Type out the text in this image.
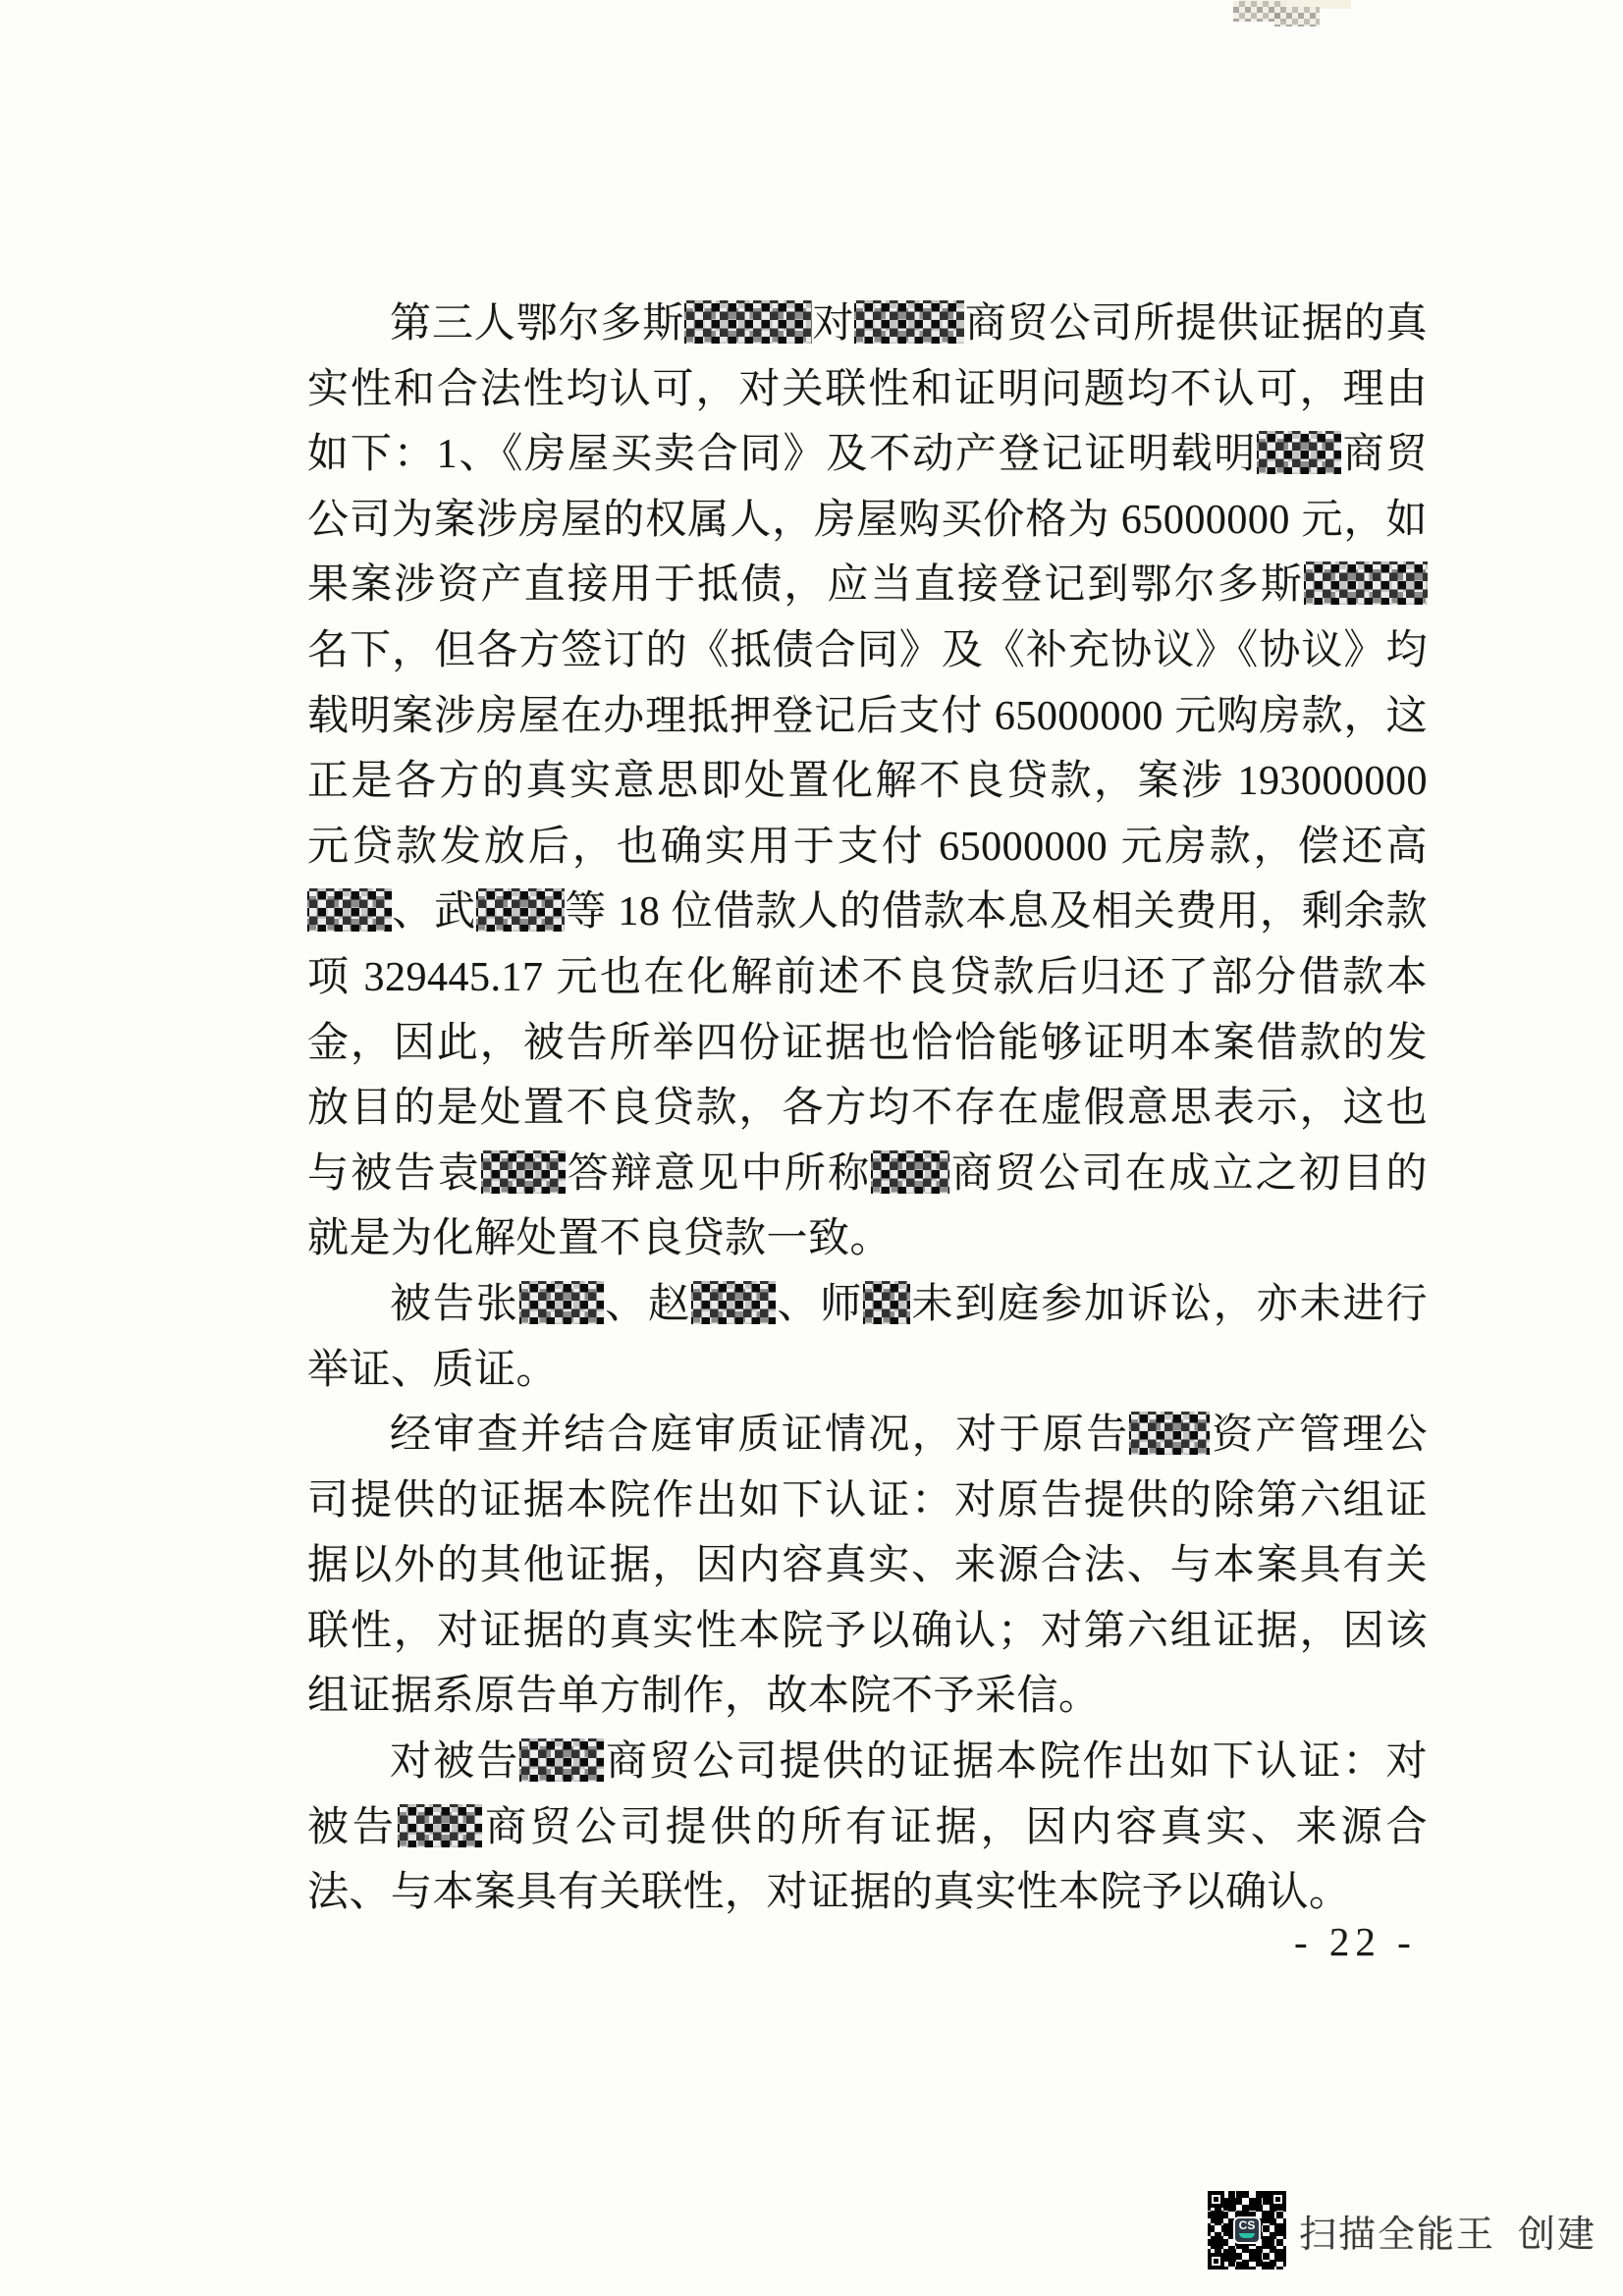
第三人鄂尔多斯	对	商贸公司所提供证据的真实性和合法性均认可，对关联性和证明问题均不认可，理由如下：1、《房屋买卖合同》及不动产登记证明载明 商贸公司为案涉房屋的权属人，房屋购买价格为 65000000 元，如果案涉资产直接用于抵债，应当直接登记到鄂尔多斯名下，但各方签订的《抵债合同》及《补充协议》《协议》均载明案涉房屋在办理抵押登记后支付 65000000 元购房款，这正是各方的真实意思即处置化解不良贷款，案涉 193000000 元贷款发放后，也确实用于支付 65000000 元房款，偿还高、武 等 18 位借款人的借款本息及相关费用，剩余款项 329445.17 元也在化解前述不良贷款后归还了部分借款本金，因此，被告所举四份证据也恰恰能够证明本案借款的发放目的是处置不良贷款，各方均不存在虚假意思表示，这也与被告袁 答辩意见中所称 商贸公司在成立之初目的就是为化解处置不良贷款一致。

被告张 、赵 、师 未到庭参加诉讼，亦未进行举证、质证。

经审查并结合庭审质证情况，对于原告 资产管理公司提供的证据本院作出如下认证：对原告提供的除第六组证据以外的其他证据，因内容真实、来源合法、与本案具有关联性，对证据的真实性本院予以确认；对第六组证据，因该组证据系原告单方制作，故本院不予采信。

对被告 商贸公司提供的证据本院作出如下认证：对被告 商贸公司提供的所有证据，因内容真实、来源合法、与本案具有关联性，对证据的真实性本院予以确认。

- 22 -
CS 扫描全能王  创建
